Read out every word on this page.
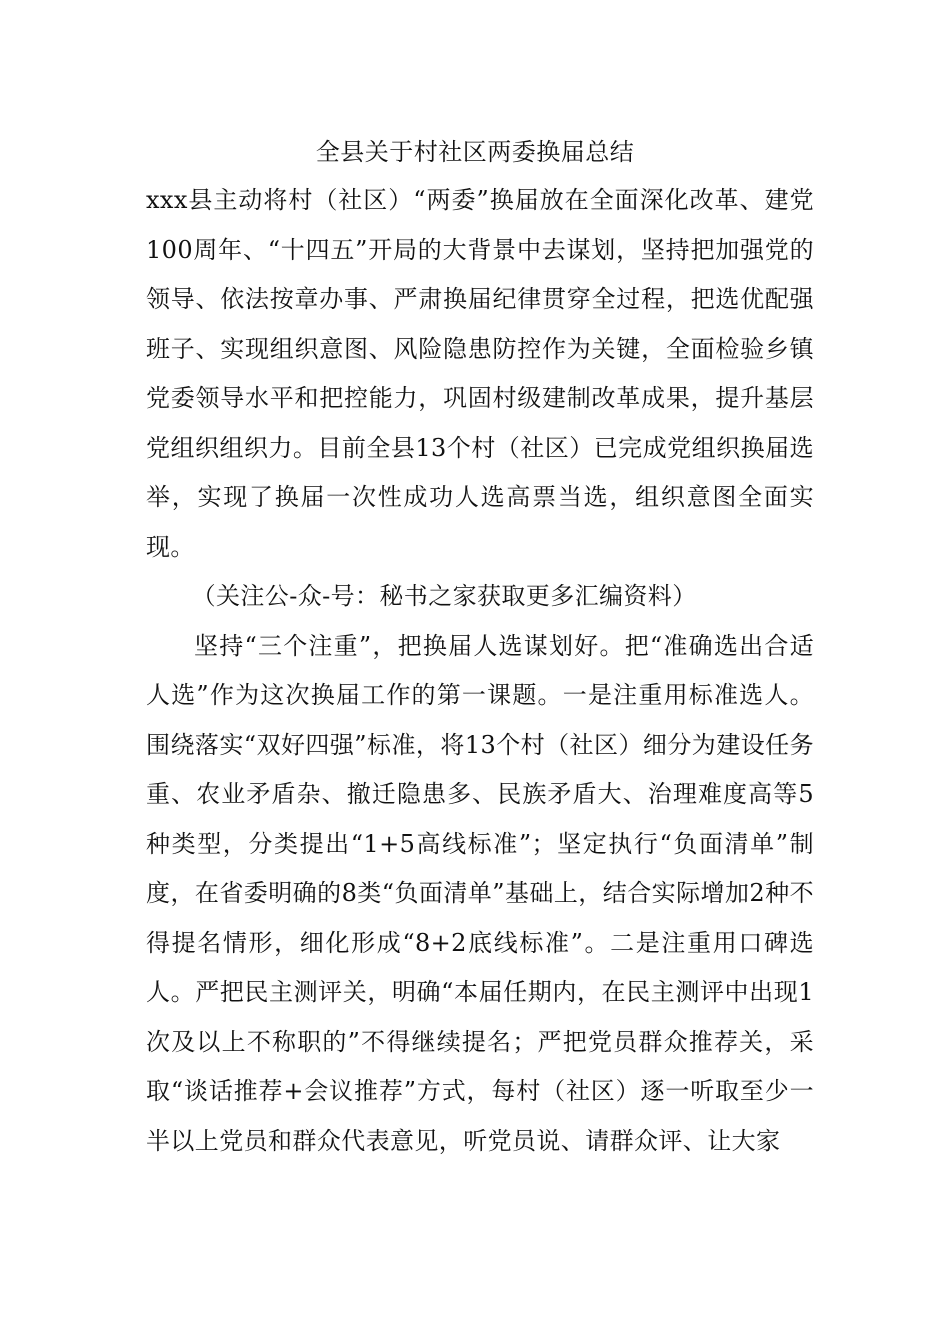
全县关于村社区两委换届总结

xxx县主动将村（社区）“两委”换届放在全面深化改革、建党100周年、“十四五”开局的大背景中去谋划，坚持把加强党的领导、依法按章办事、严肃换届纪律贯穿全过程，把选优配强班子、实现组织意图、风险隐患防控作为关键，全面检验乡镇党委领导水平和把控能力，巩固村级建制改革成果，提升基层党组织组织力。目前全县13个村（社区）已完成党组织换届选举，实现了换届一次性成功人选高票当选，组织意图全面实现。

（关注公-众-号：秘书之家获取更多汇编资料）

坚持“三个注重”，把换届人选谋划好。把“准确选出合适人选”作为这次换届工作的第一课题。一是注重用标准选人。围绕落实“双好四强”标准，将13个村（社区）细分为建设任务重、农业矛盾杂、撤迁隐患多、民族矛盾大、治理难度高等5种类型，分类提出“1+5高线标准”；坚定执行“负面清单”制度，在省委明确的8类“负面清单”基础上，结合实际增加2种不得提名情形，细化形成“8+2底线标准”。二是注重用口碑选人。严把民主测评关，明确“本届任期内，在民主测评中出现1次及以上不称职的”不得继续提名；严把党员群众推荐关，采取“谈话推荐+会议推荐”方式，每村（社区）逐一听取至少一半以上党员和群众代表意见，听党员说、请群众评、让大家
